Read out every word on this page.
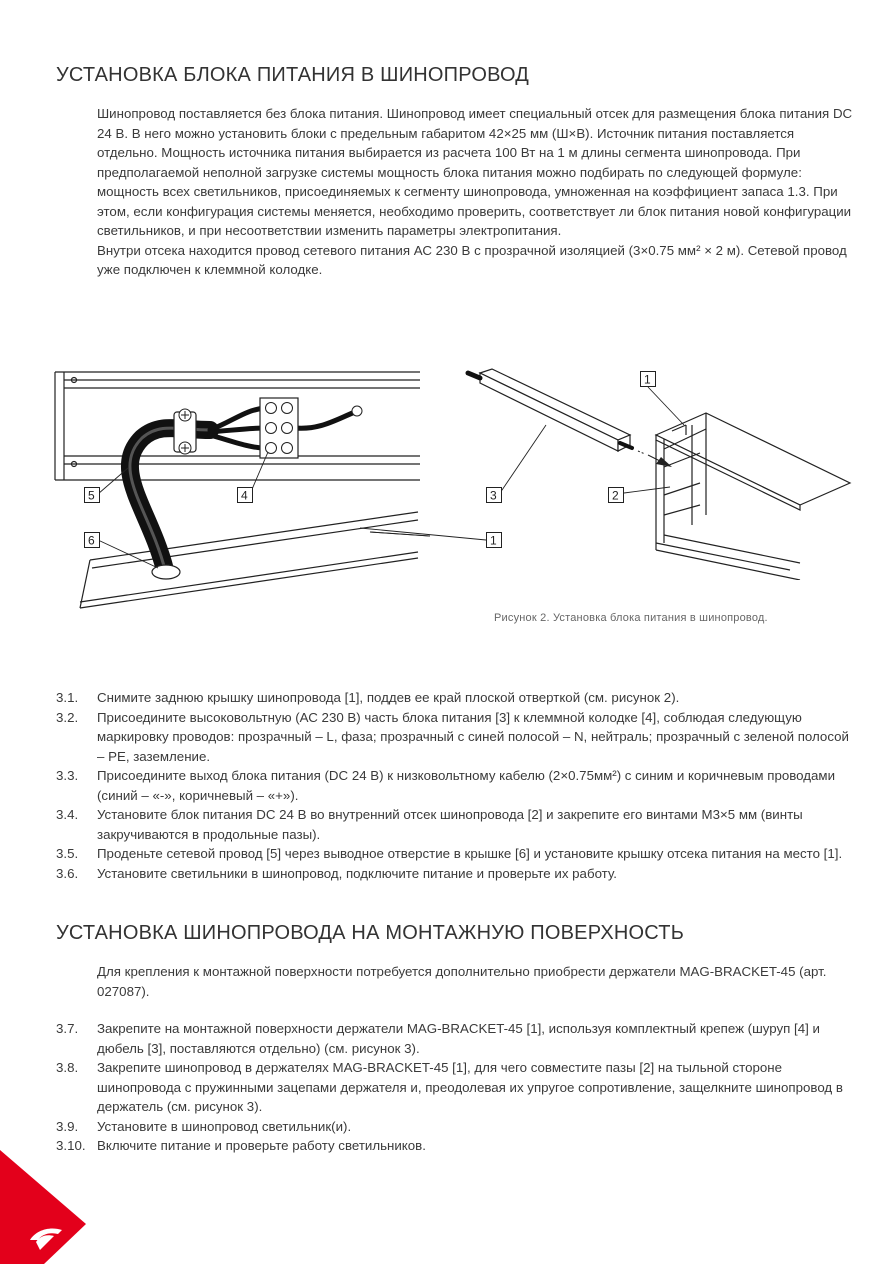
УСТАНОВКА БЛОКА ПИТАНИЯ В ШИНОПРОВОД

Шинопровод поставляется без блока питания. Шинопровод имеет специальный отсек для размещения блока питания DC 24 В. В него можно установить блоки с предельным габаритом 42×25 мм (Ш×В). Источник питания поставляется отдельно. Мощность источника питания выбирается из расчета 100 Вт на 1 м длины сегмента шинопровода. При предполагаемой неполной загрузке системы мощность блока питания можно подбирать по следующей формуле: мощность всех светильников, присоединяемых к сегменту шинопровода, умноженная на коэффициент запаса 1.3. При этом, если конфигурация системы меняется, необходимо проверить, соответствует ли блок питания новой конфигурации светильников, и при несоответствии изменить параметры электропитания.

Внутри отсека находится провод сетевого питания АС 230 В с прозрачной изоляцией (3×0.75 мм² × 2 м). Сетевой провод уже подключен к клеммной колодке.

5	4
6	1
1
3	2
Рисунок 2. Установка блока питания в шинопровод.
3.1. Снимите заднюю крышку шинопровода [1], поддев ее край плоской отверткой (см. рисунок 2).
3.2. Присоедините высоковольтную (АС 230 В) часть блока питания [3] к клеммной колодке [4], соблюдая следующую маркировку проводов: прозрачный – L, фаза; прозрачный с синей полосой – N, нейтраль; прозрачный с зеленой полосой – PE, заземление.
3.3. Присоедините выход блока питания (DC 24 В) к низковольтному кабелю (2×0.75мм²) с синим и коричневым проводами (синий – «-», коричневый – «+»).
3.4. Установите блок питания DC 24 В во внутренний отсек шинопровода [2] и закрепите его винтами М3×5 мм (винты закручиваются в продольные пазы).
3.5. Проденьте сетевой провод [5] через выводное отверстие в крышке [6] и установите крышку отсека питания на место [1].
3.6. Установите светильники в шинопровод, подключите питание и проверьте их работу.
УСТАНОВКА ШИНОПРОВОДА НА МОНТАЖНУЮ ПОВЕРХНОСТЬ

Для крепления к монтажной поверхности потребуется дополнительно приобрести держатели MAG-BRACKET-45 (арт. 027087).

3.7. Закрепите на монтажной поверхности держатели MAG-BRACKET-45 [1], используя комплектный крепеж (шуруп [4] и дюбель [3], поставляются отдельно) (см. рисунок 3).
3.8. Закрепите шинопровод в держателях MAG-BRACKET-45 [1], для чего совместите пазы [2] на тыльной стороне шинопровода с пружинными зацепами держателя и, преодолевая их упругое сопротивление, защелкните шинопровод в держатель (см. рисунок 3).
3.9. Установите в шинопровод светильник(и).
3.10. Включите питание и проверьте работу светильников.
